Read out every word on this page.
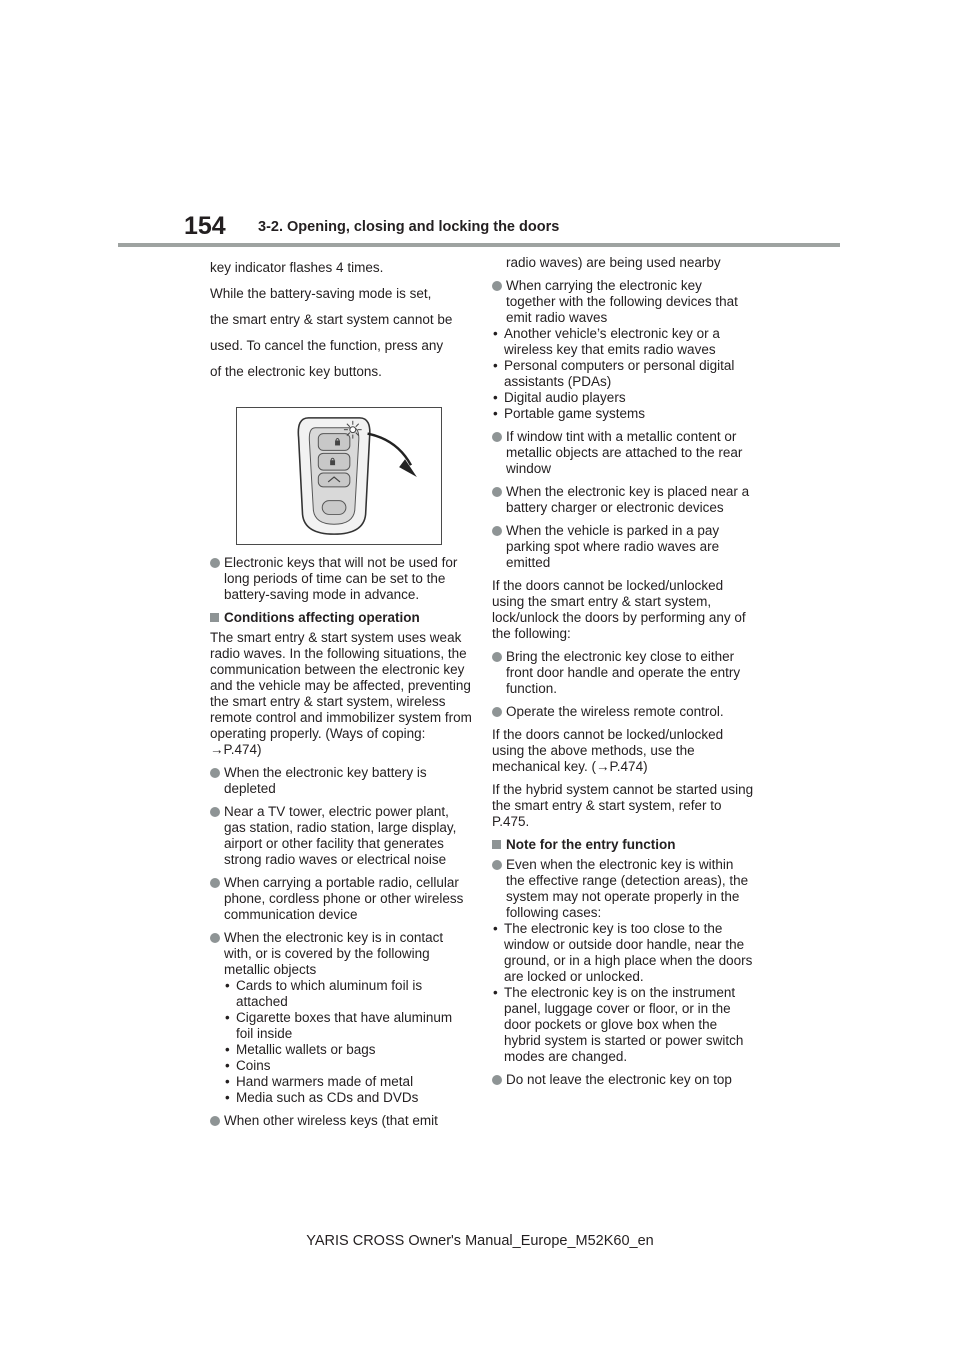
154 3-2. Opening, closing and locking the doors

key indicator flashes 4 times.

While the battery-saving mode is set,

the smart entry & start system cannot be

used. To cancel the function, press any

of the electronic key buttons.

Electronic keys that will not be used for long periods of time can be set to the battery-saving mode in advance.
Conditions affecting operation
The smart entry & start system uses weak radio waves. In the following situations, the communication between the electronic key and the vehicle may be affected, preventing the smart entry & start system, wireless remote control and immobilizer system from operating properly. (Ways of coping: →P.474)
When the electronic key battery is depleted
Near a TV tower, electric power plant, gas station, radio station, large display, airport or other facility that generates strong radio waves or electrical noise
When carrying a portable radio, cellular phone, cordless phone or other wireless communication device
When the electronic key is in contact with, or is covered by the following metallic objects
• Cards to which aluminum foil is attached
• Cigarette boxes that have aluminum foil inside
• Metallic wallets or bags
• Coins
• Hand warmers made of metal
• Media such as CDs and DVDs
When other wireless keys (that emit
radio waves) are being used nearby
When carrying the electronic key together with the following devices that emit radio waves
• Another vehicle’s electronic key or a wireless key that emits radio waves
• Personal computers or personal digital assistants (PDAs)
• Digital audio players
• Portable game systems
If window tint with a metallic content or metallic objects are attached to the rear window
When the electronic key is placed near a battery charger or electronic devices
When the vehicle is parked in a pay parking spot where radio waves are emitted
If the doors cannot be locked/unlocked using the smart entry & start system, lock/unlock the doors by performing any of the following:
Bring the electronic key close to either front door handle and operate the entry function.
Operate the wireless remote control.
If the doors cannot be locked/unlocked using the above methods, use the mechanical key. (→P.474)
If the hybrid system cannot be started using the smart entry & start system, refer to P.475.
Note for the entry function
Even when the electronic key is within the effective range (detection areas), the system may not operate properly in the following cases:
• The electronic key is too close to the window or outside door handle, near the ground, or in a high place when the doors are locked or unlocked.
• The electronic key is on the instrument panel, luggage cover or floor, or in the door pockets or glove box when the hybrid system is started or power switch modes are changed.
Do not leave the electronic key on top
YARIS CROSS Owner's Manual_Europe_M52K60_en
